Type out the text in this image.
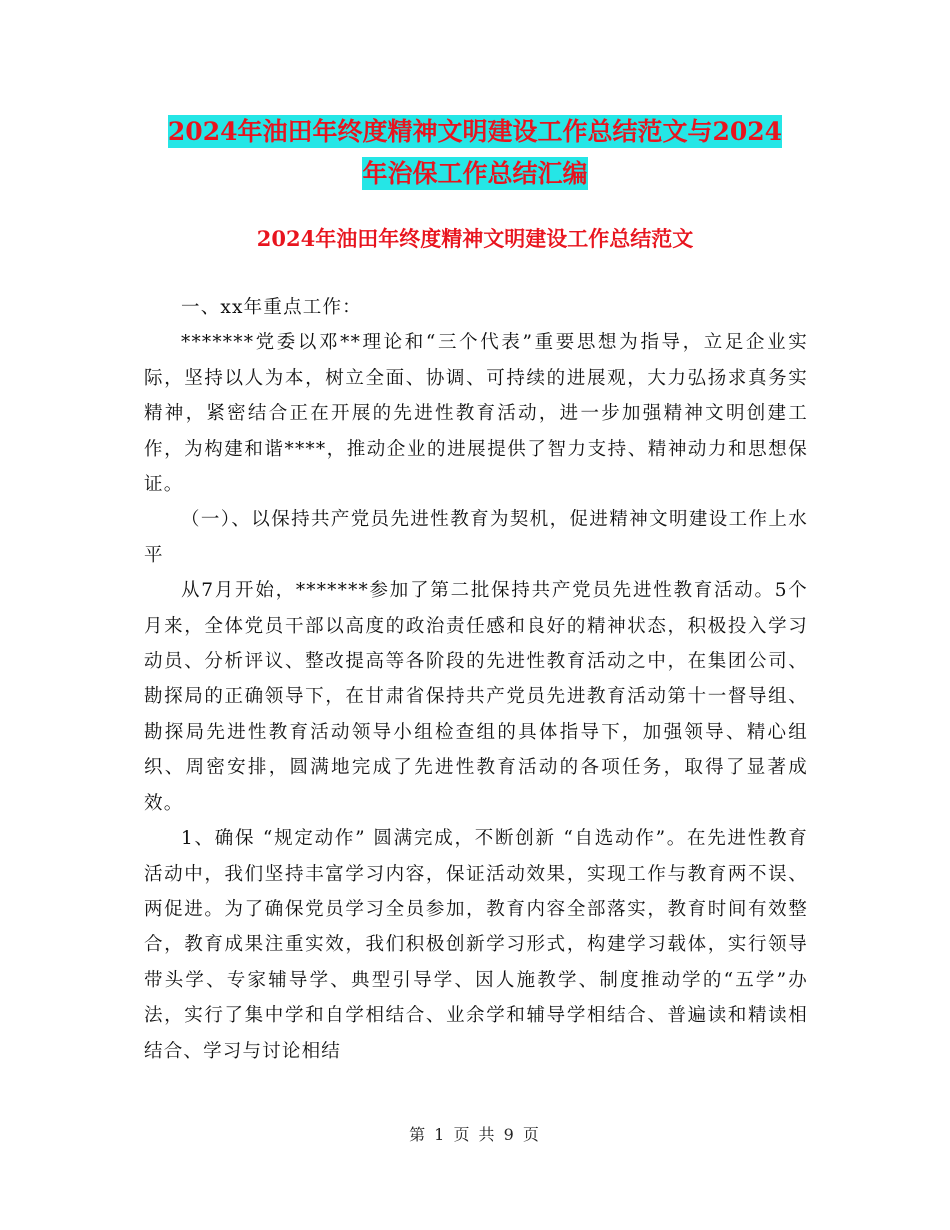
2024年油田年终度精神文明建设工作总结范文与2024
年治保工作总结汇编
2024年油田年终度精神文明建设工作总结范文

一、xx年重点工作：

*******党委以邓**理论和“三个代表”重要思想为指导，立足企业实际，坚持以人为本，树立全面、协调、可持续的进展观，大力弘扬求真务实精神，紧密结合正在开展的先进性教育活动，进一步加强精神文明创建工作，为构建和谐****，推动企业的进展提供了智力支持、精神动力和思想保证。

（一）、以保持共产党员先进性教育为契机，促进精神文明建设工作上水平

从7月开始，*******参加了第二批保持共产党员先进性教育活动。5个月来，全体党员干部以高度的政治责任感和良好的精神状态，积极投入学习动员、分析评议、整改提高等各阶段的先进性教育活动之中，在集团公司、勘探局的正确领导下，在甘肃省保持共产党员先进教育活动第十一督导组、勘探局先进性教育活动领导小组检查组的具体指导下，加强领导、精心组织、周密安排，圆满地完成了先进性教育活动的各项任务，取得了显著成效。

1、确保 “规定动作” 圆满完成，不断创新 “自选动作”。在先进性教育活动中，我们坚持丰富学习内容，保证活动效果，实现工作与教育两不误、两促进。为了确保党员学习全员参加，教育内容全部落实，教育时间有效整合，教育成果注重实效，我们积极创新学习形式，构建学习载体，实行领导带头学、专家辅导学、典型引导学、因人施教学、制度推动学的“五学”办法，实行了集中学和自学相结合、业余学和辅导学相结合、普遍读和精读相结合、学习与讨论相结

第 1 页 共 9 页
